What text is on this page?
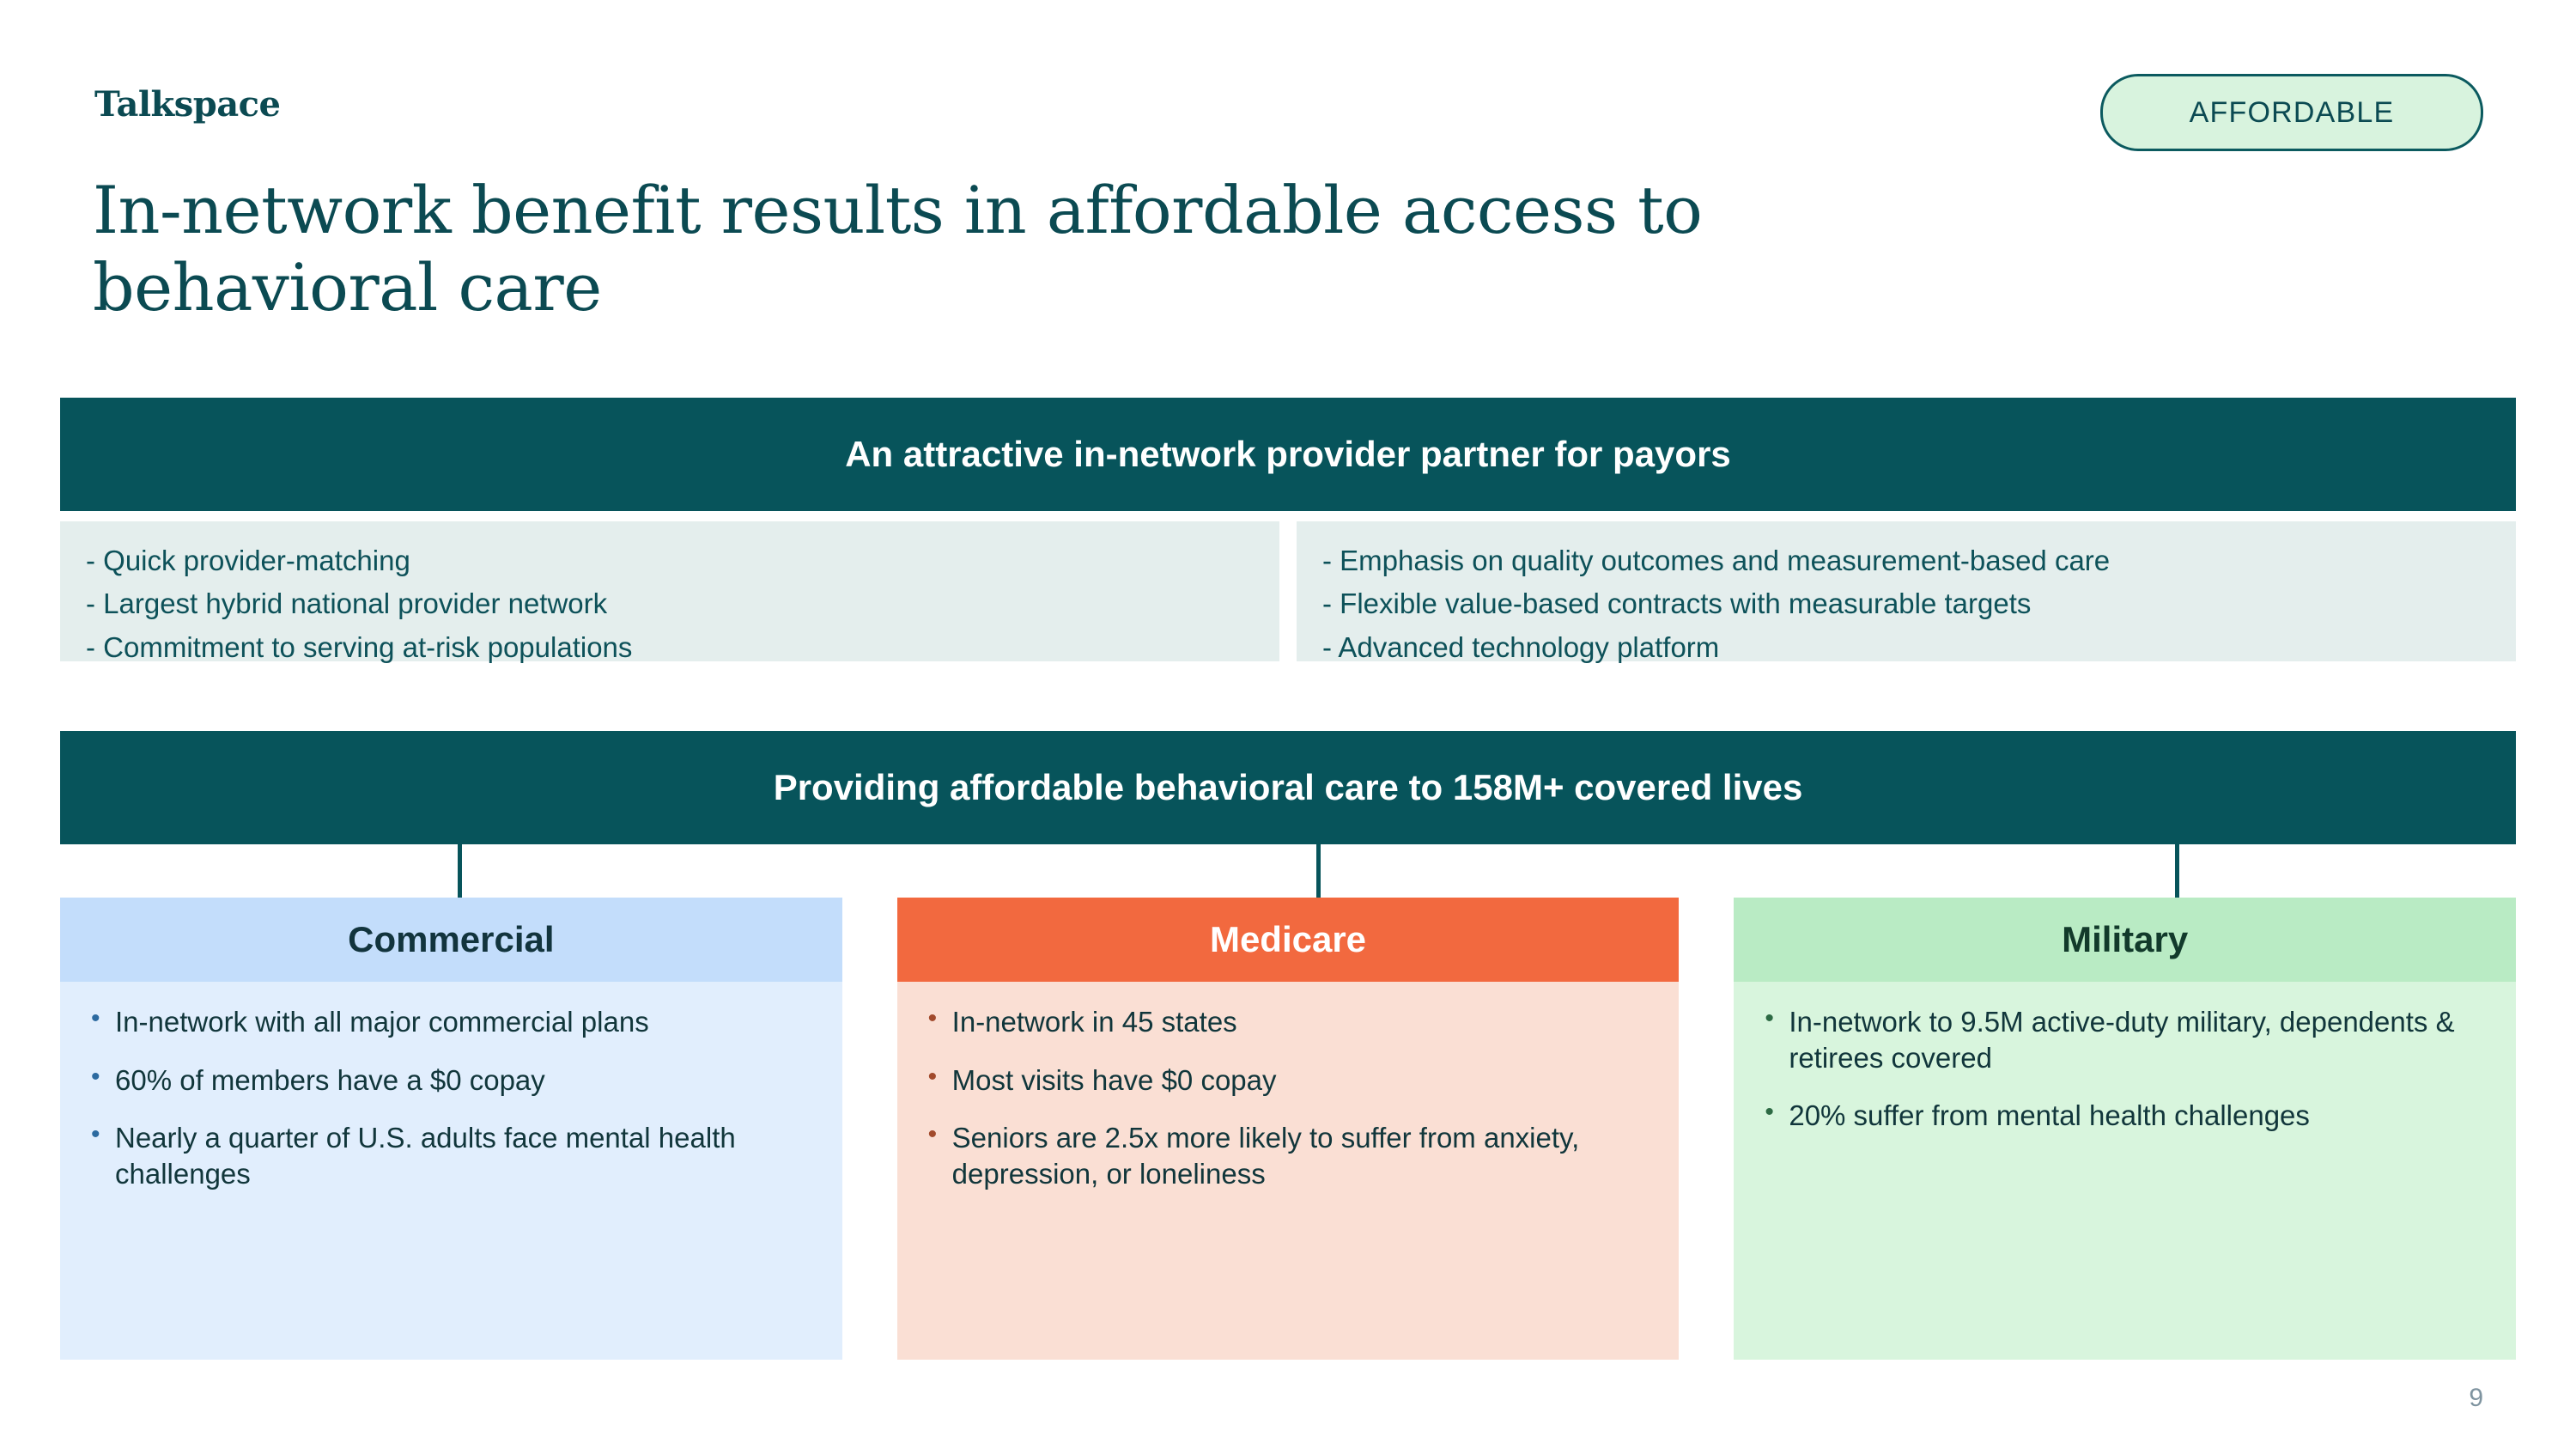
Talkspace	AFFORDABLE
In-network benefit results in affordable access to behavioral care
An attractive in-network provider partner for payors

- Quick provider-matching

- Largest hybrid national provider network

- Commitment to serving at-risk populations

- Emphasis on quality outcomes and measurement-based care

- Flexible value-based contracts with measurable targets

- Advanced technology platform

Providing affordable behavioral care to 158M+ covered lives
Commercial
• In-network with all major commercial plans
• 60% of members have a $0 copay
• Nearly a quarter of U.S. adults face mental health challenges
Medicare
• In-network in 45 states
• Most visits have $0 copay
• Seniors are 2.5x more likely to suffer from anxiety, depression, or loneliness
Military
• In-network to 9.5M active-duty military, dependents & retirees covered
• 20% suffer from mental health challenges
9
